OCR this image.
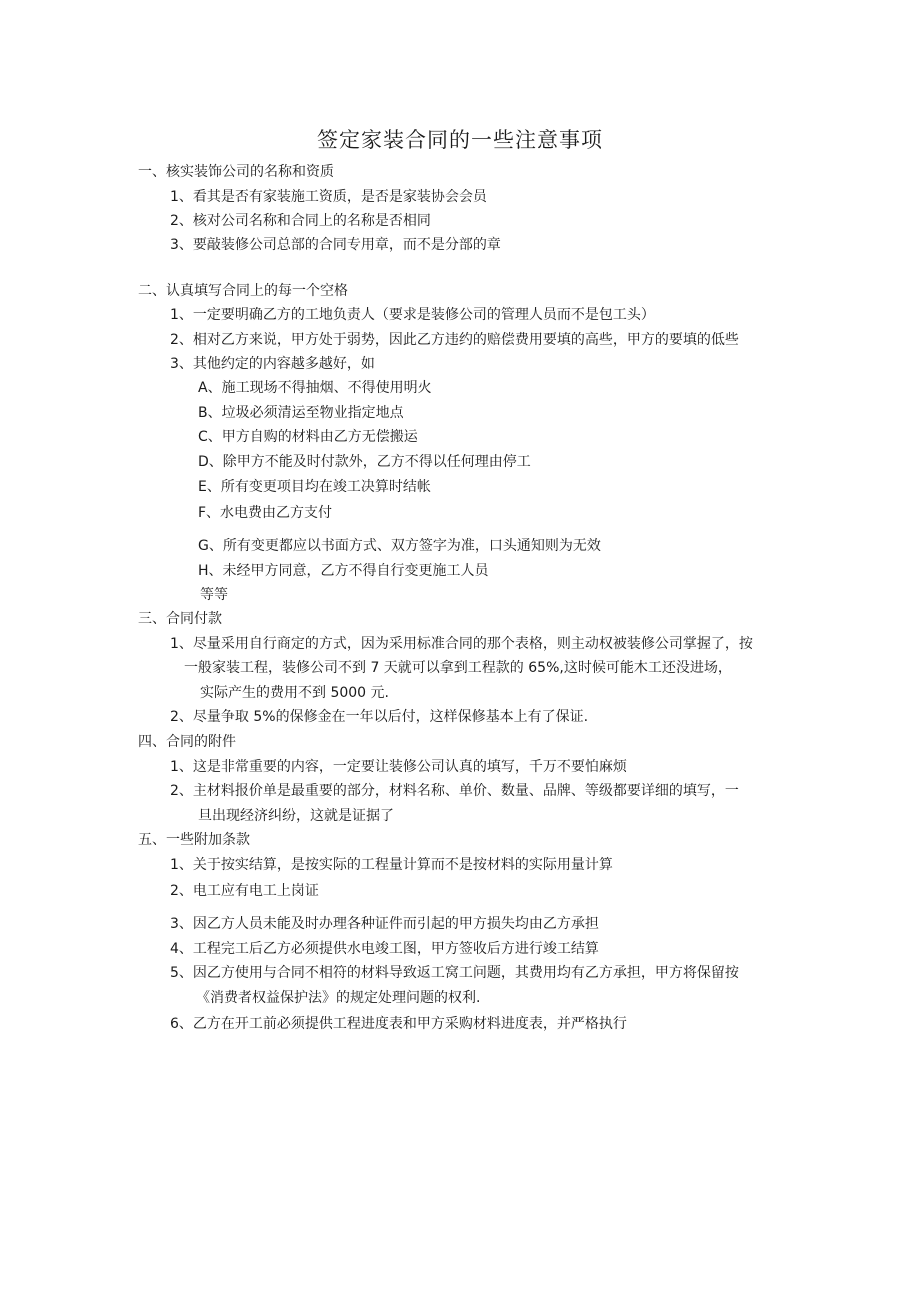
签定家装合同的一些注意事项
一、核实装饰公司的名称和资质
1、看其是否有家装施工资质，是否是家装协会会员
2、核对公司名称和合同上的名称是否相同
3、要敲装修公司总部的合同专用章，而不是分部的章
二、认真填写合同上的每一个空格
1、一定要明确乙方的工地负责人（要求是装修公司的管理人员而不是包工头）
2、相对乙方来说，甲方处于弱势，因此乙方违约的赔偿费用要填的高些，甲方的要填的低些
3、其他约定的内容越多越好，如
A、施工现场不得抽烟、不得使用明火
B、垃圾必须清运至物业指定地点
C、甲方自购的材料由乙方无偿搬运
D、除甲方不能及时付款外，乙方不得以任何理由停工
E、所有变更项目均在竣工决算时结帐
F、水电费由乙方支付
G、所有变更都应以书面方式、双方签字为准，口头通知则为无效
H、未经甲方同意，乙方不得自行变更施工人员
等等
三、合同付款
1、尽量采用自行商定的方式，因为采用标准合同的那个表格，则主动权被装修公司掌握了，按
一般家装工程，装修公司不到 7 天就可以拿到工程款的 65%,这时候可能木工还没进场，
实际产生的费用不到 5000 元.
2、尽量争取 5%的保修金在一年以后付，这样保修基本上有了保证.
四、合同的附件
1、这是非常重要的内容，一定要让装修公司认真的填写，千万不要怕麻烦
2、主材料报价单是最重要的部分，材料名称、单价、数量、品牌、等级都要详细的填写，一
旦出现经济纠纷，这就是证据了
五、一些附加条款
1、关于按实结算，是按实际的工程量计算而不是按材料的实际用量计算
2、电工应有电工上岗证
3、因乙方人员未能及时办理各种证件而引起的甲方损失均由乙方承担
4、工程完工后乙方必须提供水电竣工图，甲方签收后方进行竣工结算
5、因乙方使用与合同不相符的材料导致返工窝工问题，其费用均有乙方承担，甲方将保留按
《消费者权益保护法》的规定处理问题的权利.
6、乙方在开工前必须提供工程进度表和甲方采购材料进度表，并严格执行
